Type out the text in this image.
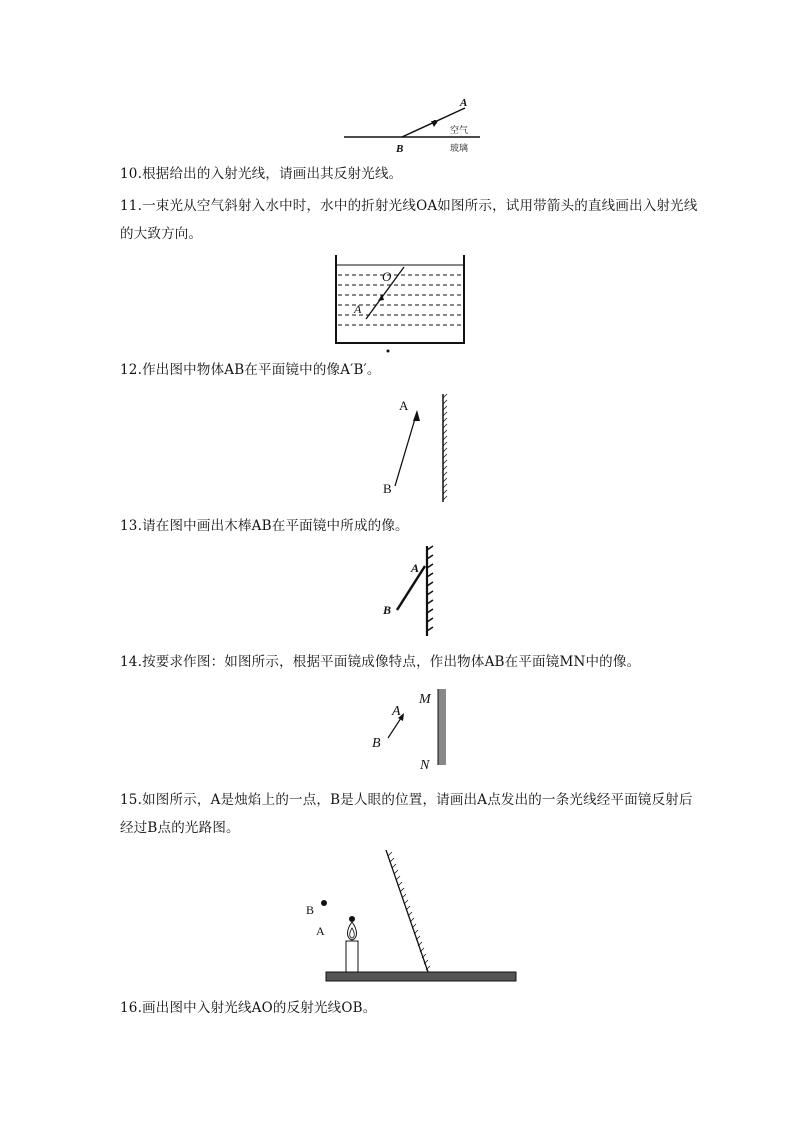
A
B
空气
玻璃
10.根据给出的入射光线，请画出其反射光线。
11.一束光从空气斜射入水中时，水中的折射光线OA如图所示，试用带箭头的直线画出入射光线的大致方向。
O
A
12.作出图中物体AB在平面镜中的像A′B′。
A
B
13.请在图中画出木棒AB在平面镜中所成的像。
A
B
14.按要求作图：如图所示，根据平面镜成像特点，作出物体AB在平面镜MN中的像。
A
B
M
N
15.如图所示，A是烛焰上的一点，B是人眼的位置，请画出A点发出的一条光线经平面镜反射后经过B点的光路图。
B
A
16.画出图中入射光线AO的反射光线OB。
